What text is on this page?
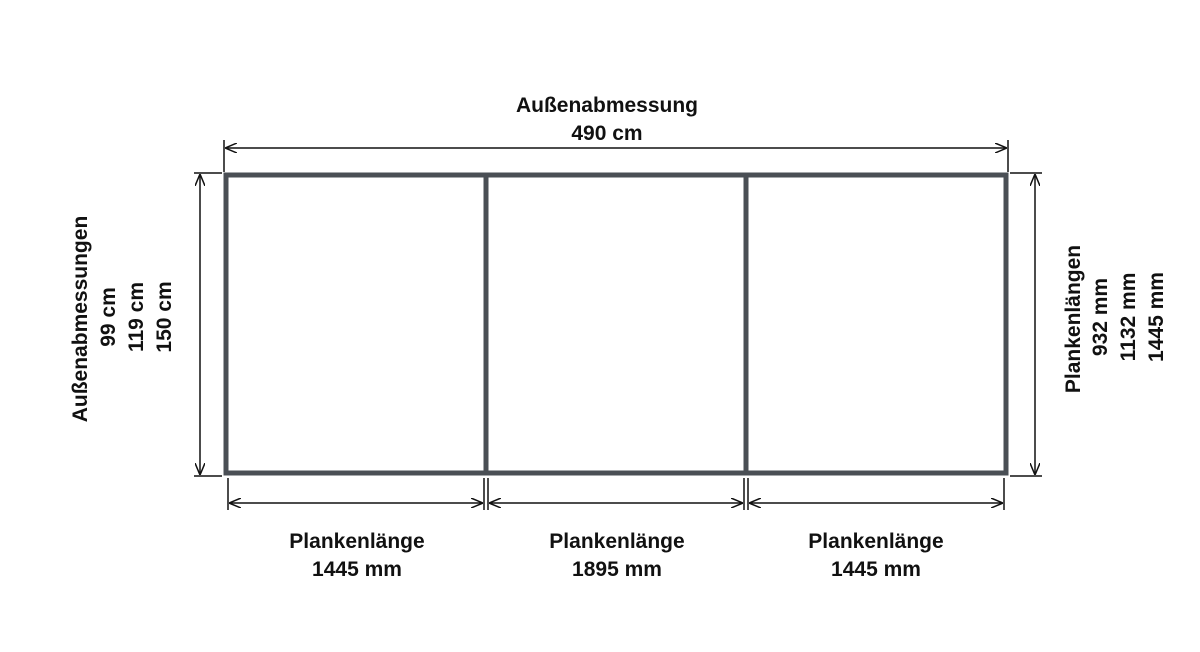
Außenabmessung
490 cm
Außenabmessungen 99 cm 119 cm 150 cm	Plankenlängen 932 mm 1132 mm 1445 mm
Plankenlänge
1445 mm
Plankenlänge
1895 mm
Plankenlänge
1445 mm
